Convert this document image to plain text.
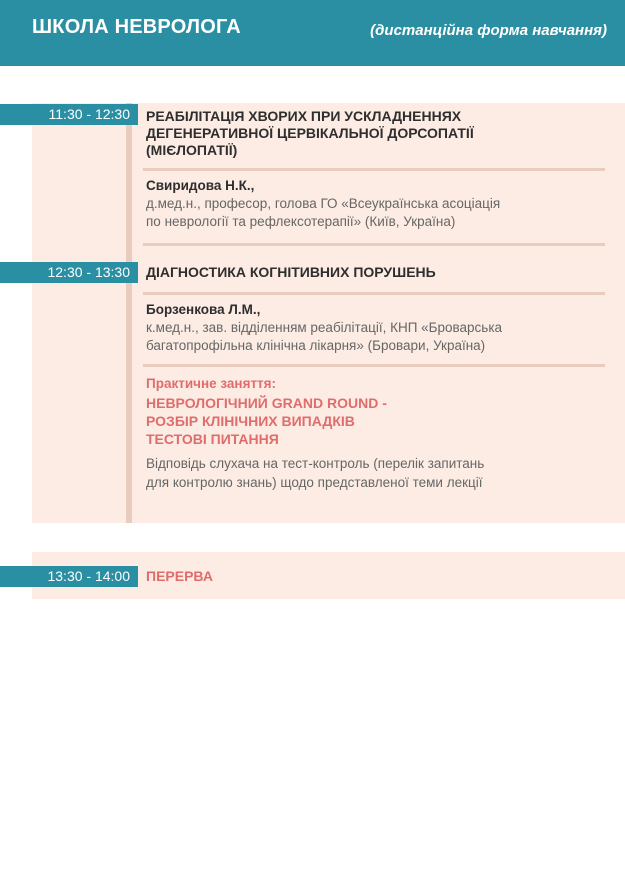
ШКОЛА НЕВРОЛОГА	(дистанційна форма навчання)
11:30 - 12:30	РЕАБІЛІТАЦІЯ ХВОРИХ ПРИ УСКЛАДНЕННЯХ
ДЕГЕНЕРАТИВНОЇ ЦЕРВІКАЛЬНОЇ ДОРСОПАТІЇ
(МІЄЛОПАТІЇ)
Свиридова Н.К.,
д.мед.н., професор, голова ГО «Всеукраїнська асоціація
по неврології та рефлексотерапії» (Київ, Україна)
12:30 - 13:30	ДІАГНОСТИКА КОГНІТИВНИХ ПОРУШЕНЬ
Борзенкова Л.М.,
к.мед.н., зав. відділенням реабілітації, КНП «Броварська
багатопрофільна клінічна лікарня» (Бровари, Україна)
Практичне заняття:
НЕВРОЛОГІЧНИЙ GRAND ROUND -
РОЗБІР КЛІНІЧНИХ ВИПАДКІВ
ТЕСТОВІ ПИТАННЯ
Відповідь слухача на тест-контроль (перелік запитань
для контролю знань) щодо представленої теми лекції
13:30 - 14:00	ПЕРЕРВА
